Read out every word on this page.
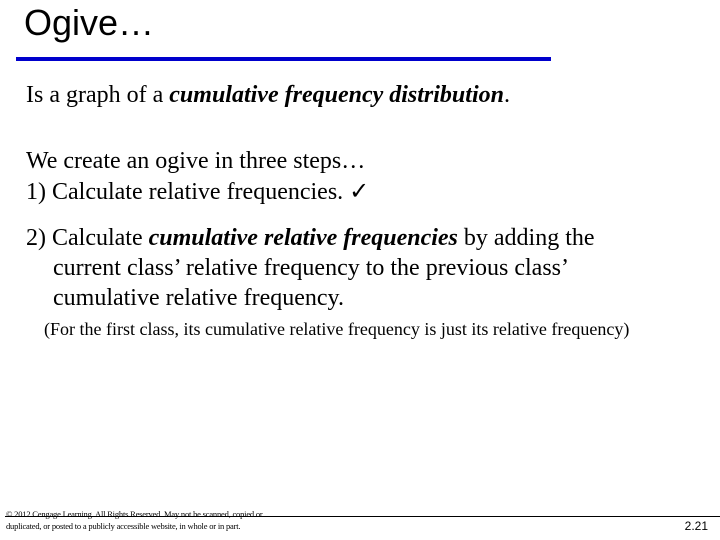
Ogive…
Is a graph of a cumulative frequency distribution.
We create an ogive in three steps…
1) Calculate relative frequencies. ✓
2) Calculate cumulative relative frequencies by adding the
current class’ relative frequency to the previous class’
cumulative relative frequency.
(For the first class, its cumulative relative frequency is just its relative frequency)
© 2012 Cengage Learning. All Rights Reserved. May not be scanned, copied or
duplicated, or posted to a publicly accessible website, in whole or in part.	2.21
